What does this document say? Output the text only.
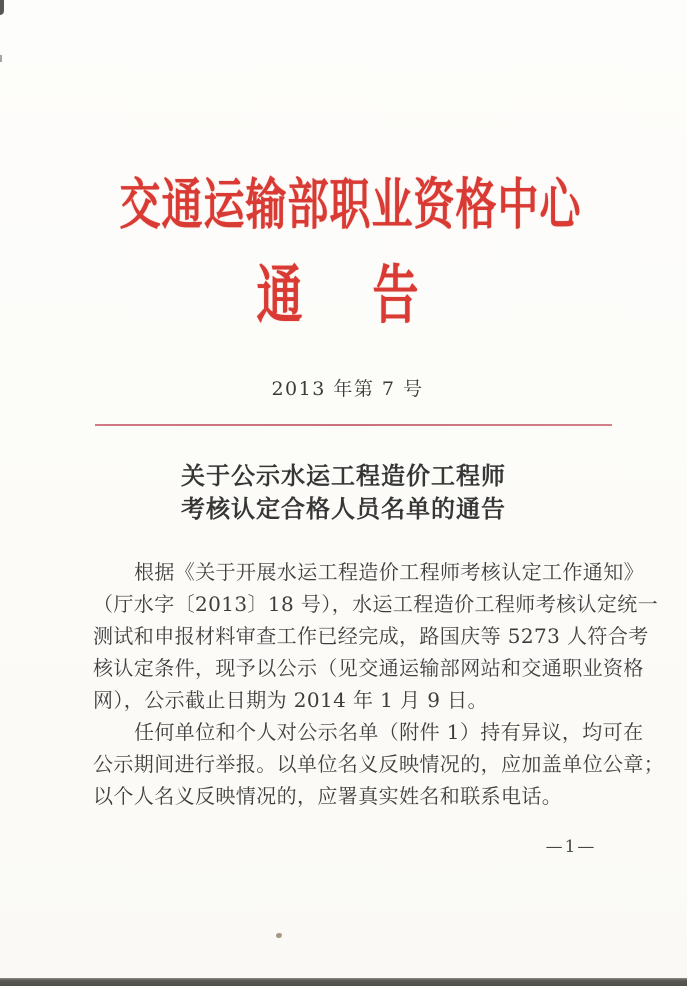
交通运输部职业资格中心
通　告
2013 年第 7 号
关于公示水运工程造价工程师
考核认定合格人员名单的通告
根据《关于开展水运工程造价工程师考核认定工作通知》
（厅水字〔2013〕18 号），水运工程造价工程师考核认定统一
测试和申报材料审查工作已经完成，路国庆等 5273 人符合考
核认定条件，现予以公示（见交通运输部网站和交通职业资格
网），公示截止日期为 2014 年 1 月 9 日。
任何单位和个人对公示名单（附件 1）持有异议，均可在
公示期间进行举报。以单位名义反映情况的，应加盖单位公章；
以个人名义反映情况的，应署真实姓名和联系电话。
—1—
